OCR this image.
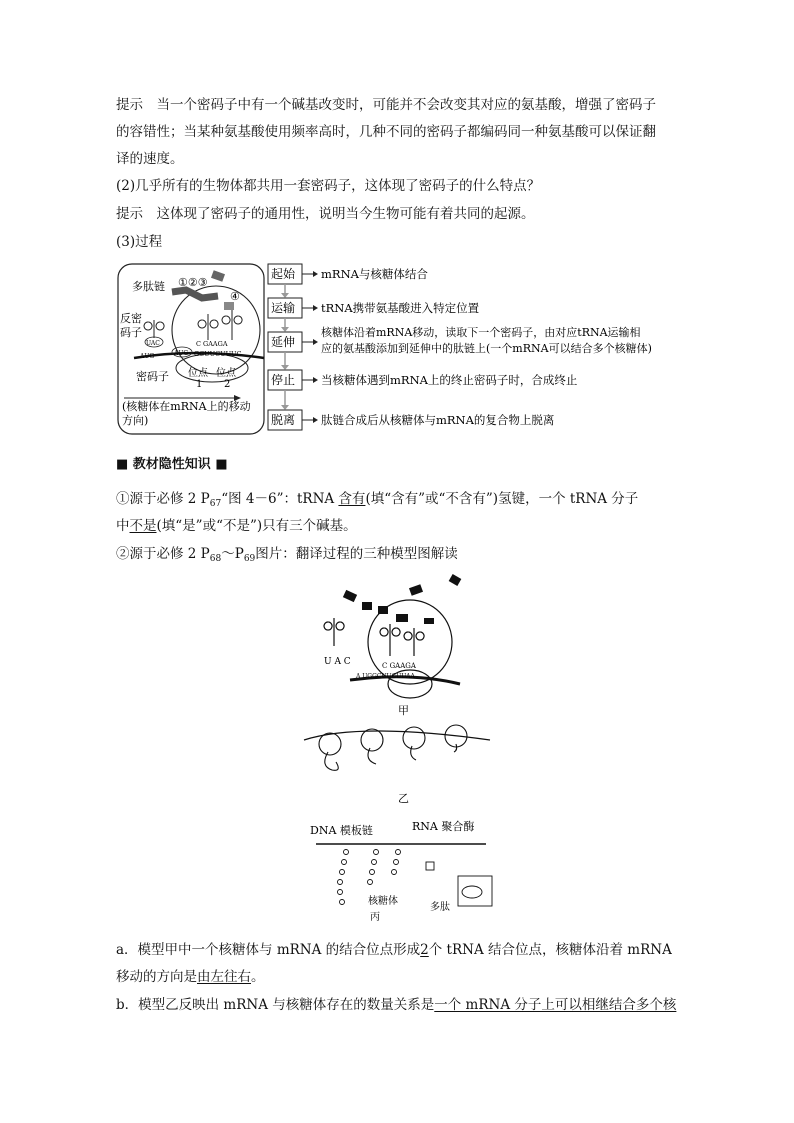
提示　当一个密码子中有一个碱基改变时，可能并不会改变其对应的氨基酸，增强了密码子
的容错性；当某种氨基酸使用频率高时，几种不同的密码子都编码同一种氨基酸可以保证翻
译的速度。
(2)几乎所有的生物体都共用一套密码子，这体现了密码子的什么特点？
提示　这体现了密码子的通用性，说明当今生物可能有着共同的起源。
(3)过程
①②③
④
多肽链
反密
码子
UAC
AUG	AUG
C GAAGA
GCUUCUUUC
密码子 位点
1
位点
2
(核糖体在mRNA上的移动
方向)
起始
运输
延伸
停止
脱离
mRNA与核糖体结合
tRNA携带氨基酸进入特定位置
核糖体沿着mRNA移动，读取下一个密码子，由对应tRNA运输相
应的氨基酸添加到延伸中的肽链上(一个mRNA可以结合多个核糖体)
当核糖体遇到mRNA上的终止密码子时，合成终止
肽链合成后从核糖体与mRNA的复合物上脱离
■ 教材隐性知识 ■
①源于必修 2 $P_{67}“$图 4－6”：tRNA 含有(填“含有”或“不含有”)氢键，一个 tRNA 分子
中不是(填“是”或“不是”)只有三个碱基。
②源于必修 2 $P_{68}\sim P_{69}$图片：翻译过程的三种模型图解读
U A C	C GAAGA
A UGGCUUCUUAA
甲
乙
DNA 模板链	RNA 聚合酶
核糖体
多肽
丙
a．模型甲中一个核糖体与 mRNA 的结合位点形成2个 tRNA 结合位点，核糖体沿着 mRNA
移动的方向是由左往右。
b．模型乙反映出 mRNA 与核糖体存在的数量关系是一个 mRNA 分子上可以相继结合多个核
